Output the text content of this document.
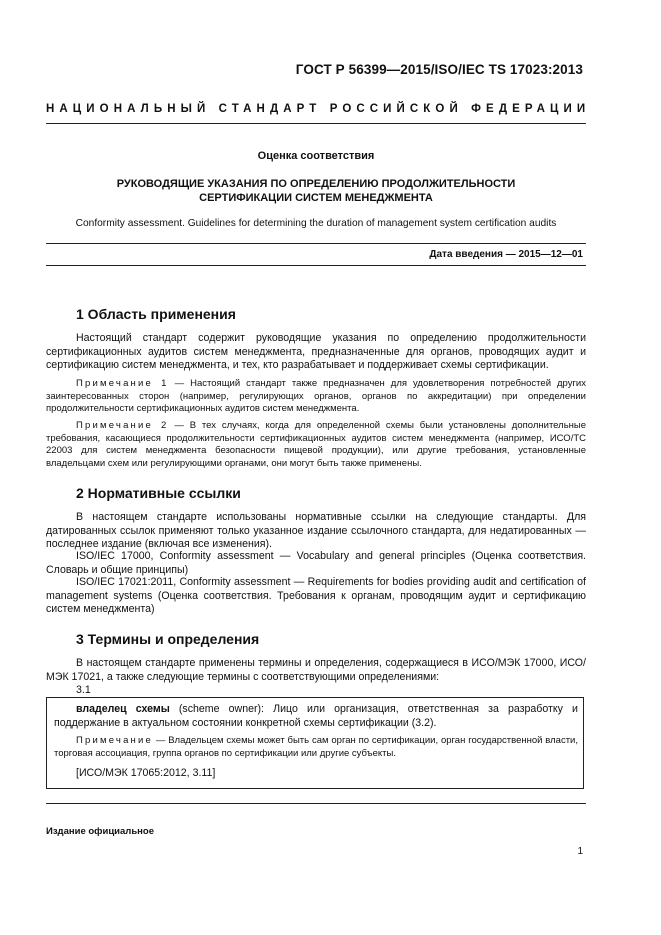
ГОСТ Р 56399—2015/ISO/IEC TS 17023:2013
НАЦИОНАЛЬНЫЙ СТАНДАРТ РОССИЙСКОЙ ФЕДЕРАЦИИ
Оценка соответствия
РУКОВОДЯЩИЕ УКАЗАНИЯ ПО ОПРЕДЕЛЕНИЮ ПРОДОЛЖИТЕЛЬНОСТИ
СЕРТИФИКАЦИИ СИСТЕМ МЕНЕДЖМЕНТА
Conformity assessment. Guidelines for determining the duration of management system certification audits
Дата введения — 2015—12—01
1 Область применения
Настоящий стандарт содержит руководящие указания по определению продолжительности сертификационных аудитов систем менеджмента, предназначенные для органов, проводящих аудит и сертификацию систем менеджмента, и тех, кто разрабатывает и поддерживает схемы сертификации.
Примечание 1 — Настоящий стандарт также предназначен для удовлетворения потребностей других заинтересованных сторон (например, регулирующих органов, органов по аккредитации) при определении продолжительности сертификационных аудитов систем менеджмента.
Примечание 2 — В тех случаях, когда для определенной схемы были установлены дополнительные требования, касающиеся продолжительности сертификационных аудитов систем менеджмента (например, ИСО/ТС 22003 для систем менеджмента безопасности пищевой продукции), или другие требования, установленные владельцами схем или регулирующими органами, они могут быть также применены.
2 Нормативные ссылки
В настоящем стандарте использованы нормативные ссылки на следующие стандарты. Для датированных ссылок применяют только указанное издание ссылочного стандарта, для недатированных — последнее издание (включая все изменения).
ISO/IEC 17000, Conformity assessment — Vocabulary and general principles (Оценка соответствия. Словарь и общие принципы)
ISO/IEC 17021:2011, Conformity assessment — Requirements for bodies providing audit and certification of management systems (Оценка соответствия. Требования к органам, проводящим аудит и сертификацию систем менеджмента)
3 Термины и определения
В настоящем стандарте применены термины и определения, содержащиеся в ИСО/МЭК 17000, ИСО/МЭК 17021, а также следующие термины с соответствующими определениями:
3.1
владелец схемы (scheme owner): Лицо или организация, ответственная за разработку и поддержание в актуальном состоянии конкретной схемы сертификации (3.2).
Примечание — Владельцем схемы может быть сам орган по сертификации, орган государственной власти, торговая ассоциация, группа органов по сертификации или другие субъекты.
[ИСО/МЭК 17065:2012, 3.11]
Издание официальное
1
